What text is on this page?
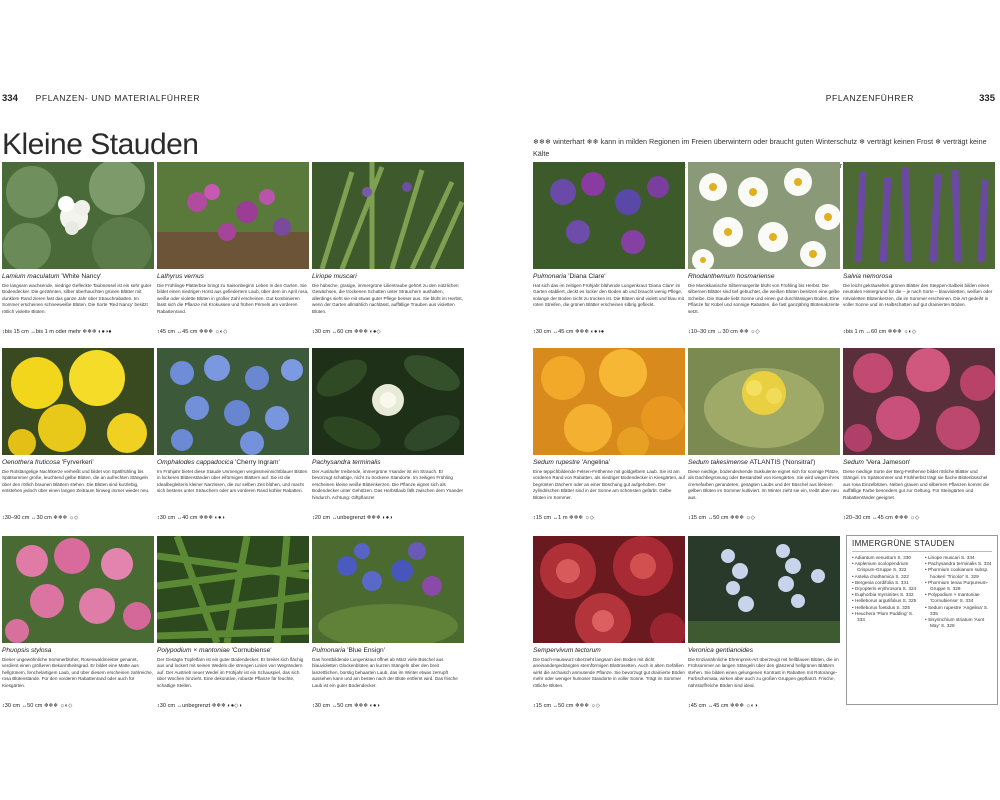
334 PFLANZEN- UND MATERIALFÜHRER	PFLANZENFÜHRER	335
Kleine Stauden	❄❄❄ winterhart ❄❄ kann in milden Regionen im Freien überwintern oder braucht guten Winterschutz ❄ verträgt keinen Frost ❄ verträgt keine Kälte
Lamium maculatum 'White Nancy'
Die langsam wachsende, niedrige Gefleckte Taubnessel ist ein sehr guter Bodendecker. Die gezähnten, silber überhauchten grünen Blätter mit dunklem Rand zieren fast das ganze Jahr über Strauchrabatten. Im Sommer erscheinen schneeweiße Blüten. Die Sorte 'Red Nancy' besitzt rötlich violette Blüten.
↕bis 15 cm ↔bis 1 m oder mehr ❄❄❄ ◐●◑●
Lathyrus vernus
Die Frühlings-Platterbse bringt zu Saisonbeginn Leben in den Garten. Sie bildet einen niedrigen Horst aus gefiedertem Laub, über dem im April rosa, weiße oder violette Blüten in großer Zahl erscheinen. Gut kombinieren lässt sich die Pflanze mit Krokussen und frühen Primeln am vorderen Rabattenrand.
↕45 cm ↔45 cm ❄❄❄ ☼◐◇
Liriope muscari
Die hübsche, grasige, immergrüne Lilientraube gehört zu den nützlichen Gewächsen, die trockenen Schatten unter Sträuchern aushalten, allerdings sieht sie mit etwas guter Pflege besser aus. Sie blüht im Herbst, wenn der Garten allmählich nachlässt, auffällige Trauben aus violetten Blüten.
↕30 cm ↔60 cm ❄❄❄ ◐●◇
Oenothera fruticosa 'Fyrverkeri'
Die Rotstängelige Nachtkerze verheißt und bildet von Spätfrühling bis Spätsommer große, leuchtend gelbe Blüten, die an aufrechten Stängeln über den rötlich braunen Blättern stehen. Die Blüten sind kurzlebig, entstehen jedoch über einen langen Zeitraum hinweg immer wieder neu.
↕30–90 cm ↔30 cm ❄❄❄ ☼◇
Omphalodes cappadocica 'Cherry Ingram'
Im Frühjahr bietet diese Staude Unmengen vergissmeinnichtblauer Blüten in lockeren Blütenständen über eiförmigen Blättern auf. Sie ist die Idealbegleiterin kleiner Narzissen, die zur selben Zeit blühen, und macht sich bestens unter Sträuchern oder am vorderen Rand kühler Rabatten.
↕30 cm ↔40 cm ❄❄❄ ◐●◑
Pachysandra terminalis
Der Ausläufer treibende, immergrüne Ysander ist ein Strauch. Er bevorzugt schattige, nicht zu trockene Standorte. Im zeitigen Frühling erscheinen kleine weiße Blütenkerzen. Die Pflanze eignet sich als Bodendecker unter Gehölzen. Das Herbstlaub fällt zwischen dem Ysander hindurch. Achtung: Giftpflanze!
↕20 cm ↔unbegrenzt ❄❄❄ ◐●◑
Phuopsis stylosa
Dieser ungewöhnliche Sommerblüher, Rosenwaldmeister genannt, verdient einen größeren Bekanntheitsgrad. Er bildet eine Matte aus hellgrünem, fenchelartigem Laub, und über diesem erscheinen zahlreiche, rosa Blütenstände. Für den vorderen Rabattenrand oder auch für Kiesgärten.
↕30 cm ↔50 cm ❄❄❄ ☼◐◇
Polypodium × mantoniae 'Cornubiense'
Der Gesägte Tüpfelfarn ist ein guter Bodendecker. Er breitet sich flächig aus und lockert mit seinen Wedeln die strengen Linien von Wegrändern auf. Der Austrieb neuer Wedel im Frühjahr ist ein Schauspiel, das sich über Wochen hinzieht. Eine dekorative, robuste Pflanze für feuchte, schattige Stellen.
↕30 cm ↔unbegrenzt ❄❄❄ ◐●◇◑
Pulmonaria 'Blue Ensign'
Das horstbildende Lungenkraut öffnet ab März viele Büschel aus blauvioletten Glockenblüten an kurzen Stängeln über den breit lanzettlichen, borstig behaarten Laub, das im Winter etwas zerrupft aussehen kann und am besten nach der Blüte entfernt wird. Das frische Laub ist ein guter Bodendecker.
↕30 cm ↔50 cm ❄❄❄ ◐●◑
Pulmonaria 'Diana Clare'
Hat sich das im zeitigen Frühjahr blühende Lungenkraut 'Diana Clare' im Garten etabliert, deckt es locker den Boden ab und braucht wenig Pflege, solange der Boden nicht zu trocken ist. Die Blüten sind violett und blau mit roten Streifen, die grünen Blätter erscheinen silbrig gefleckt.
↕30 cm ↔45 cm ❄❄❄ ◐●◑●
Rhodanthemum hosmariense
Die Marokkanische Silbermargerite blüht von Frühling bis Herbst. Die silbernen Blätter sind tief gebuchtet, die weißen Blüten besitzen eine gelbe Scheibe. Die Staude liebt Sonne und einen gut durchlässigen Boden. Eine Pflanze für Kübel und sonnige Rabatten, die fast ganzjährig Blütenakzente setzt.
↕10–30 cm ↔30 cm ❄❄ ☼◇
Salvia nemorosa
Die leicht gekräuselten grünen Blätter des Steppen-Salbeis bilden einen neutralen Hintergrund für die – je nach Sorte – blauvioletten, weißen oder rotvioletten Blütenkerzen, die im Sommer erscheinen. Die Art gedeiht in voller Sonne und im Halbschatten auf gut drainierten Böden.
↕bis 1 m ↔60 cm ❄❄❄ ☼◐◇
Sedum rupestre 'Angelina'
Eine teppichbildende Felsen-Fetthenne mit goldgelbem Laub. Sie ist am vorderen Rand von Rabatten, als niedriger Bodendecker in Kiesgärten, auf begrünten Dächern oder an einer Böschung gut aufgehoben. Der zylindrischen Blätter sind in der Sonne am schönsten gefärbt. Gelbe Blüten im Sommer.
↕15 cm ↔1 m ❄❄❄ ☼◇
Sedum takesimense ATLANTIS ('Nonsitral')
Diese niedrige, bodendeckende Sukkulente eignet sich für sonnige Plätze, als Dachbegrünung oder Bestandteil von Kiesgärten. Sie wird wegen ihres cremefarben gerandeten, gesägten Laubs und der Büschel aus kleinen gelben Blüten im Sommer kultiviert. Im Winter zieht sie ein, treibt aber neu aus.
↕15 cm ↔50 cm ❄❄❄ ☼◇
Sedum 'Vera Jameson'
Diese niedrige Sorte der Berg-Fetthenne bildet rötliche Blätter und Stängel. Im Spätsommer und Frühherbst trägt sie flache Blütenbüschel aus rosa Einzelblüten. Neben grauen und silbernen Pflanzen kommt die auffällige Farbe besonders gut zur Geltung. Für Steingärten und Rabattenränder geeignet.
↕20–30 cm ↔45 cm ❄❄❄ ☼◇
Sempervivum tectorum
Die Dach-Hauswurz überzieht langsam den Boden mit dicht aneinandergedrängten sternförmigen Blattrosetten. Auch in alten Gefäßen wirkt die archaisch anmutende Pflanze. Sie bevorzugt gut drainierte Böden mehr oder weniger humoser Standorte in voller Sonne. Trägt im Sommer rötliche Blüten.
↕15 cm ↔50 cm ❄❄❄ ☼◇
Veronica gentianoides
Die Enzianähnliche Ehrenpreis-Art überzeugt mit hellblauen Blüten, die im Frühsommer an langen Stängeln über den glänzend hellgrünen Blättern stehen. Sie bilden einen gelungenen Kontrast in Rabatten mit Rotorange-Farbschemata, wirken aber auch zu großen Gruppen gepflanzt. Frische, nährstoffreiche Böden sind ideal.
↕45 cm ↔45 cm ❄❄❄ ☼◐◑
IMMERGRÜNE STAUDEN
• Adiantum venustum S. 330
• Asplenium scolopendrium Crispum-Gruppe S. 322
• Astelia chathamica S. 322
• Bergenia cordifolia S. 331
• Dryopteris erythrosora S. 324
• Euphorbia myrsinites S. 332
• Helleborus argutifolius S. 325
• Helleborus foetidus S. 325
• Heuchera 'Plum Pudding' S. 333
• Liriope muscari S. 334
• Pachysandra terminalis S. 334
• Phormium cookianum subsp. hookeri 'Tricolor' S. 329
• Phormium tenax Purpureum-Gruppe S. 329
• Polypodium × mantoniae 'Cornubiense' S. 334
• Sedum rupestre 'Angelina' S. 335
• Sisyrinchium striatum 'Aunt May' S. 329
